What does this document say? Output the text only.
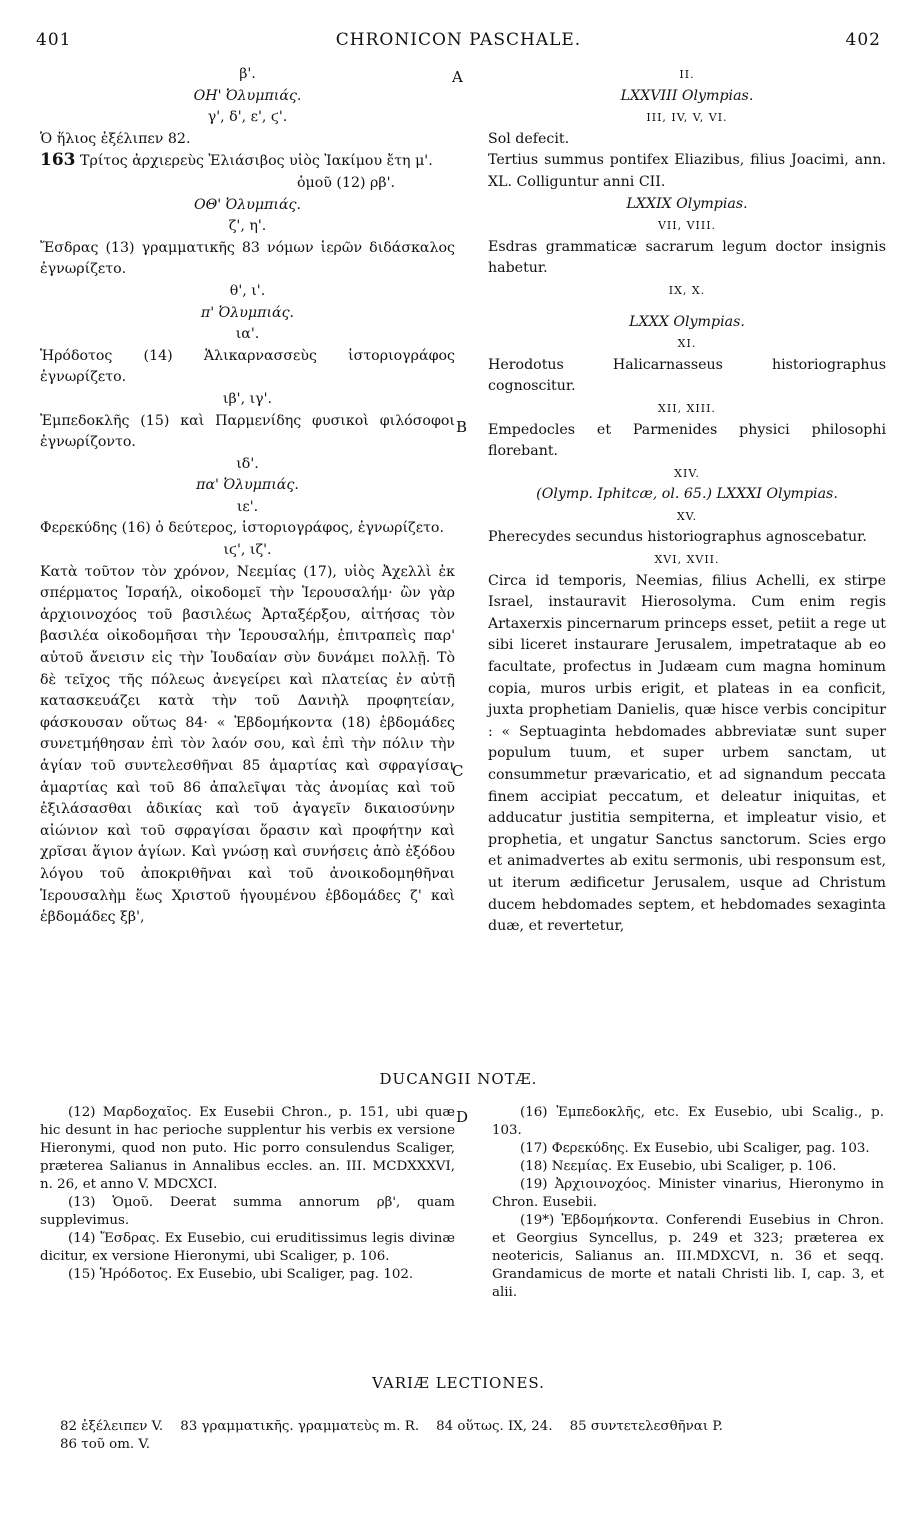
401	CHRONICON PASCHALE.	402
A
B
C
D

β'.

ΟΗ' Ὀλυμπιάς.

γ', δ', ε', ϛ'.

Ὁ ἥλιος ἐξέλιπεν 82.

163 Τρίτος ἀρχιερεὺς Ἐλιάσιβος υἱὸς Ἰακίμου ἔτη μ'.

ὁμοῦ (12) ρβ'.

ΟΘ' Ὀλυμπιάς.

ζ', η'.

Ἔσδρας (13) γραμματικῆς 83 νόμων ἱερῶν διδάσκαλος ἐγνωρίζετο.

θ', ι'.

π' Ὀλυμπιάς.

ια'.

Ἡρόδοτος (14) Ἁλικαρνασσεὺς ἱστοριογράφος ἐγνωρίζετο.

ιβ', ιγ'.

Ἐμπεδοκλῆς (15) καὶ Παρμενίδης φυσικοὶ φιλόσοφοι ἐγνωρίζοντο.

ιδ'.

πα' Ὀλυμπιάς.

ιε'.

Φερεκύδης (16) ὁ δεύτερος, ἱστοριογράφος, ἐγνωρίζετο.

ιϛ', ιζ'.

Κατὰ τοῦτον τὸν χρόνον, Νεεμίας (17), υἱὸς Ἀχελλὶ ἐκ σπέρματος Ἰσραήλ, οἰκοδομεῖ τὴν Ἱερουσαλήμ· ὢν γὰρ ἀρχιοινοχόος τοῦ βασιλέως Ἀρταξέρξου, αἰτήσας τὸν βασιλέα οἰκοδομῆσαι τὴν Ἱερουσαλήμ, ἐπιτραπεὶς παρ' αὐτοῦ ἄνεισιν εἰς τὴν Ἰουδαίαν σὺν δυνάμει πολλῇ. Τὸ δὲ τεῖχος τῆς πόλεως ἀνεγείρει καὶ πλατείας ἐν αὐτῇ κατασκευάζει κατὰ τὴν τοῦ Δανιὴλ προφητείαν, φάσκουσαν οὕτως 84· « Ἑβδομήκοντα (18) ἑβδομάδες συνετμήθησαν ἐπὶ τὸν λαόν σου, καὶ ἐπὶ τὴν πόλιν τὴν ἁγίαν τοῦ συντελεσθῆναι 85 ἁμαρτίας καὶ σφραγίσαι ἁμαρτίας καὶ τοῦ 86 ἀπαλεῖψαι τὰς ἀνομίας καὶ τοῦ ἐξιλάσασθαι ἀδικίας καὶ τοῦ ἀγαγεῖν δικαιοσύνην αἰώνιον καὶ τοῦ σφραγίσαι ὅρασιν καὶ προφήτην καὶ χρῖσαι ἅγιον ἁγίων. Καὶ γνώσῃ καὶ συνήσεις ἀπὸ ἐξόδου λόγου τοῦ ἀποκριθῆναι καὶ τοῦ ἀνοικοδομηθῆναι Ἱερουσαλὴμ ἕως Χριστοῦ ἡγουμένου ἑβδομάδες ζ' καὶ ἑβδομάδες ξβ',

II.

LXXVIII Olympias.

III, IV, V, VI.

Sol defecit.

Tertius summus pontifex Eliazibus, filius Joacimi, ann. XL. Colliguntur anni CII.

LXXIX Olympias.

VII, VIII.

Esdras grammaticæ sacrarum legum doctor insignis habetur.

IX, X.

LXXX Olympias.

XI.

Herodotus Halicarnasseus historiographus cognoscitur.

XII, XIII.

Empedocles et Parmenides physici philosophi florebant.

XIV.

(Olymp. Iphitcæ, ol. 65.) LXXXI Olympias.

XV.

Pherecydes secundus historiographus agnoscebatur.

XVI, XVII.

Circa id temporis, Neemias, filius Achelli, ex stirpe Israel, instauravit Hierosolyma. Cum enim regis Artaxerxis pincernarum princeps esset, petiit a rege ut sibi liceret instaurare Jerusalem, impetrataque ab eo facultate, profectus in Judæam cum magna hominum copia, muros urbis erigit, et plateas in ea conficit, juxta prophetiam Danielis, quæ hisce verbis concipitur : « Septuaginta hebdomades abbreviatæ sunt super populum tuum, et super urbem sanctam, ut consummetur prævaricatio, et ad signandum peccata finem accipiat peccatum, et deleatur iniquitas, et adducatur justitia sempiterna, et impleatur visio, et prophetia, et ungatur Sanctus sanctorum. Scies ergo et animadvertes ab exitu sermonis, ubi responsum est, ut iterum ædificetur Jerusalem, usque ad Christum ducem hebdomades septem, et hebdomades sexaginta duæ, et revertetur,

DUCANGII NOTÆ.

(12) Μαρδοχαῖος. Ex Eusebii Chron., p. 151, ubi quæ hic desunt in hac perioche supplentur his verbis ex versione Hieronymi, quod non puto. Hic porro consulendus Scaliger, præterea Salianus in Annalibus eccles. an. III. MCDXXXVI, n. 26, et anno V. MDCXCI.

(13) Ὁμοῦ. Deerat summa annorum ρβ', quam supplevimus.

(14) Ἔσδρας. Ex Eusebio, cui eruditissimus legis divinæ dicitur, ex versione Hieronymi, ubi Scaliger, p. 106.

(15) Ἡρόδοτος. Ex Eusebio, ubi Scaliger, pag. 102.

(16) Ἐμπεδοκλῆς, etc. Ex Eusebio, ubi Scalig., p. 103.

(17) Φερεκύδης. Ex Eusebio, ubi Scaliger, pag. 103.

(18) Νεεμίας. Ex Eusebio, ubi Scaliger, p. 106.

(19) Ἀρχιοινοχόος. Minister vinarius, Hieronymo in Chron. Eusebii.

(19*) Ἑβδομήκοντα. Conferendi Eusebius in Chron. et Georgius Syncellus, p. 249 et 323; præterea ex neotericis, Salianus an. III.MDXCVI, n. 36 et seqq. Grandamicus de morte et natali Christi lib. I, cap. 3, et alii.

VARIÆ LECTIONES.

82 ἐξέλειπεν V.    83 γραμματικῆς. γραμματεὺς m. R.    84 οὕτως. IX, 24.    85 συντετελεσθῆναι P.

86 τοῦ om. V.
